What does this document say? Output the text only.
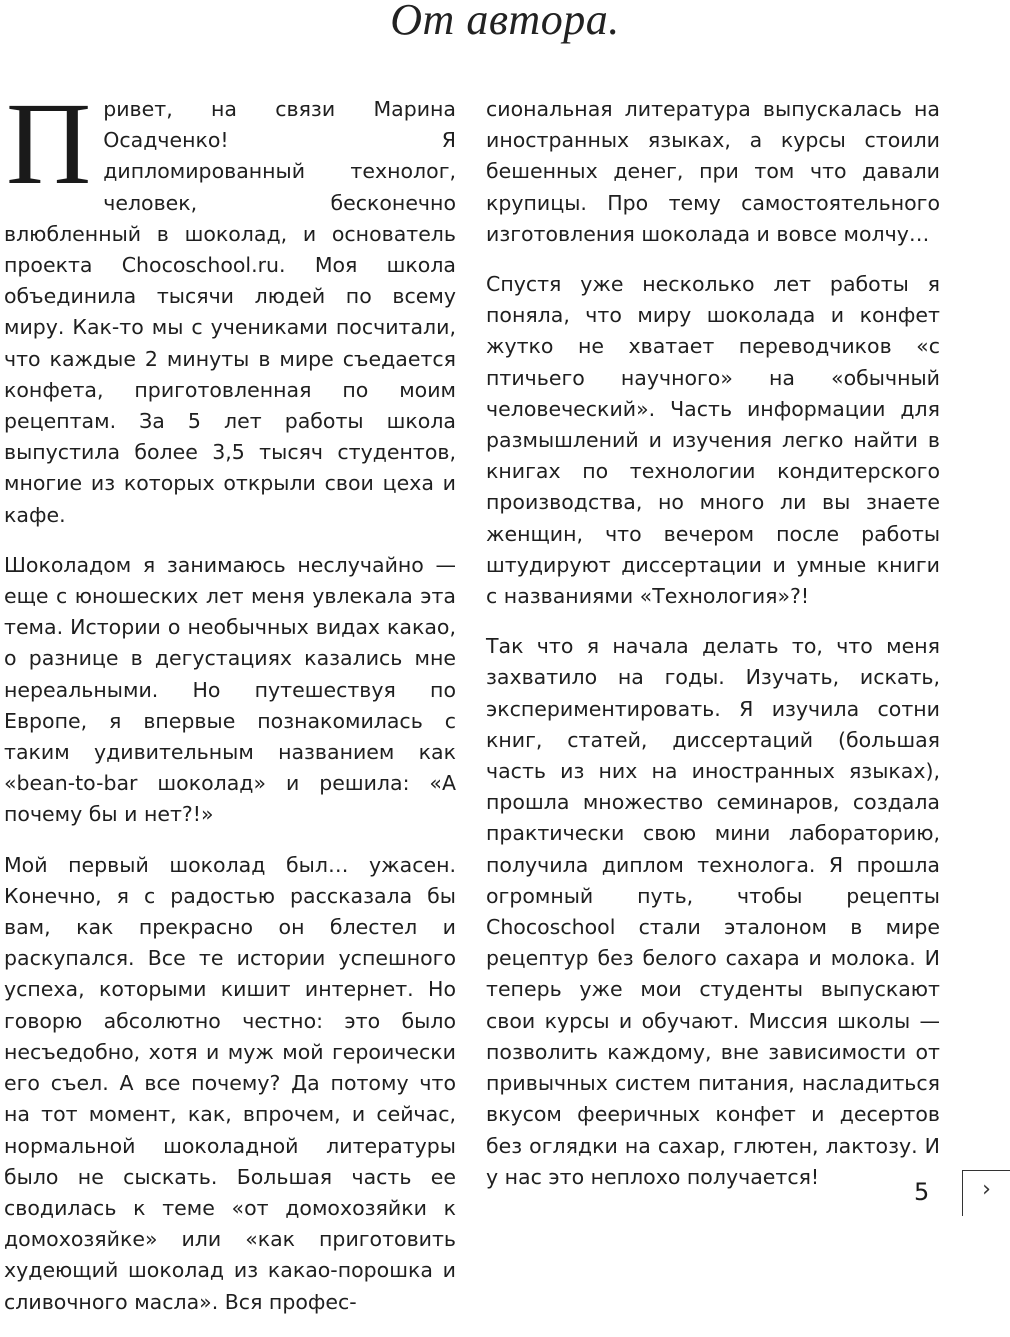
От автора.

Привет, на связи Марина Осадченко! Я дипломированный технолог, человек, бесконечно влюбленный в шоколад, и основатель проекта Chocoschool.ru. Моя школа объединила тысячи людей по всему миру. Как-то мы с учениками посчитали, что каждые 2 минуты в мире съедается конфета, приготовленная по моим рецептам. За 5 лет работы школа выпустила более 3,5 тысяч студентов, многие из которых открыли свои цеха и кафе.

Шоколадом я занимаюсь неслучайно — еще с юношеских лет меня увлекала эта тема. Истории о необычных видах какао, о разнице в дегустациях казались мне нереальными. Но путешествуя по Европе, я впервые познакомилась с таким удивительным названием как «bean-to-bar шоколад» и решила: «А почему бы и нет?!»

Мой первый шоколад был… ужасен. Конечно, я с радостью рассказала бы вам, как прекрасно он блестел и раскупался. Все те истории успешного успеха, которыми кишит интернет. Но говорю абсолютно честно: это было несъедобно, хотя и муж мой героически его съел. А все почему? Да потому что на тот момент, как, впрочем, и сейчас, нормальной шоколадной литературы было не сыскать. Большая часть ее сводилась к теме «от домохозяйки к домохозяйке» или «как приготовить худеющий шоколад из какао-порошка и сливочного масла». Вся профес-

сиональная литература выпускалась на иностранных языках, а курсы стоили бешенных денег, при том что давали крупицы. Про тему самостоятельного изготовления шоколада и вовсе молчу…

Спустя уже несколько лет работы я поняла, что миру шоколада и конфет жутко не хватает переводчиков «с птичьего научного» на «обычный человеческий». Часть информации для размышлений и изучения легко найти в книгах по технологии кондитерского производства, но много ли вы знаете женщин, что вечером после работы штудируют диссертации и умные книги с названиями «Технология»?!

Так что я начала делать то, что меня захватило на годы. Изучать, искать, экспериментировать. Я изучила сотни книг, статей, диссертаций (большая часть из них на иностранных языках), прошла множество семинаров, создала практически свою мини лабораторию, получила диплом технолога. Я прошла огромный путь, чтобы рецепты Chocoschool стали эталоном в мире рецептур без белого сахара и молока. И теперь уже мои студенты выпускают свои курсы и обучают. Миссия школы — позволить каждому, вне зависимости от привычных систем питания, насладиться вкусом фееричных конфет и десертов без оглядки на сахар, глютен, лактозу. И у нас это неплохо получается!

5 ›
